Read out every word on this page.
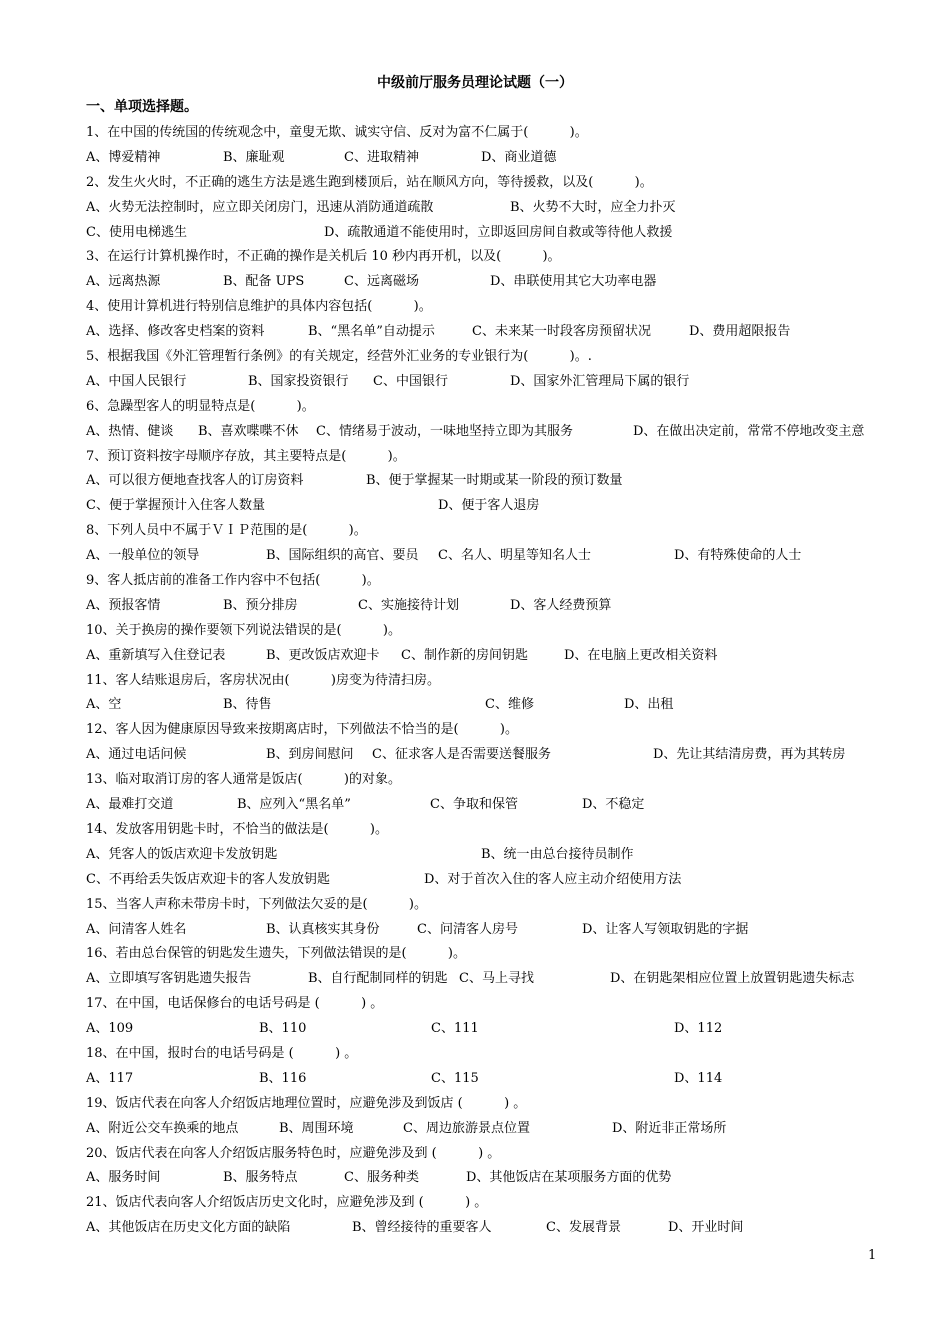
中级前厅服务员理论试题（一）
一、单项选择题。
1、在中国的传统国的传统观念中，童叟无欺、诚实守信、反对为富不仁属于(          )。
A、博爱精神	B、廉耻观	C、进取精神	D、商业道德
2、发生火火时，不正确的逃生方法是逃生跑到楼顶后，站在顺风方向，等待援救，以及(          )。
A、火势无法控制时，应立即关闭房门，迅速从消防通道疏散	B、火势不大时，应全力扑灭
C、使用电梯逃生	D、疏散通道不能使用时，立即返回房间自救或等待他人救援
3、在运行计算机操作时，不正确的操作是关机后 10 秒内再开机，以及(          )。
A、远离热源	B、配备 UPS	C、远离磁场	D、串联使用其它大功率电器
4、使用计算机进行特别信息维护的具体内容包括(          )。
A、选择、修改客史档案的资料	B、“黑名单”自动提示	C、未来某一时段客房预留状况	D、费用超限报告
5、根据我国《外汇管理暂行条例》的有关规定，经营外汇业务的专业银行为(          )。.
A、中国人民银行	B、国家投资银行 C、中国银行	D、国家外汇管理局下属的银行
6、急躁型客人的明显特点是(          )。
A、热情、健谈 B、喜欢喋喋不休 C、情绪易于波动，一味地坚持立即为其服务	D、在做出决定前，常常不停地改变主意
7、预订资料按字母顺序存放，其主要特点是(          )。
A、可以很方便地查找客人的订房资料	B、便于掌握某一时期或某一阶段的预订数量
C、便于掌握预计入住客人数量	D、便于客人退房
8、下列人员中不属于ＶＩＰ范围的是(          )。
A、一般单位的领导	B、国际组织的高官、要员 C、名人、明星等知名人士	D、有特殊使命的人士
9、客人抵店前的准备工作内容中不包括(          )。
A、预报客情	B、预分排房	C、实施接待计划	D、客人经费预算
10、关于换房的操作要领下列说法错误的是(          )。
A、重新填写入住登记表	B、更改饭店欢迎卡 C、制作新的房间钥匙	D、在电脑上更改相关资料
11、客人结账退房后，客房状况由(          )房变为待清扫房。
A、空	B、待售	C、维修	D、出租
12、客人因为健康原因导致来按期离店时，下列做法不恰当的是(          )。
A、通过电话问候	B、到房间慰问 C、征求客人是否需要送餐服务	D、先让其结清房费，再为其转房
13、临对取消订房的客人通常是饭店(          )的对象。
A、最难打交道	B、应列入“黑名单”	C、争取和保管	D、不稳定
14、发放客用钥匙卡时，不恰当的做法是(          )。
A、凭客人的饭店欢迎卡发放钥匙	B、统一由总台接待员制作
C、不再给丢失饭店欢迎卡的客人发放钥匙	D、对于首次入住的客人应主动介绍使用方法
15、当客人声称未带房卡时，下列做法欠妥的是(          )。
A、问清客人姓名	B、认真核实其身份	C、问清客人房号	D、让客人写领取钥匙的字据
16、若由总台保管的钥匙发生遗失，下列做法错误的是(          )。
A、立即填写客钥匙遗失报告	B、自行配制同样的钥匙 C、马上寻找	D、在钥匙架相应位置上放置钥匙遗失标志
17、在中国，电话保修台的电话号码是 (          ) 。
A、109	B、110	C、111	D、112
18、在中国，报时台的电话号码是 (          ) 。
A、117	B、116	C、115	D、114
19、饭店代表在向客人介绍饭店地理位置时，应避免涉及到饭店 (          ) 。
A、附近公交车换乘的地点	B、周围环境	C、周边旅游景点位置	D、附近非正常场所
20、饭店代表在向客人介绍饭店服务特色时，应避免涉及到 (          ) 。
A、服务时间	B、服务特点	C、服务种类	D、其他饭店在某项服务方面的优势
21、饭店代表向客人介绍饭店历史文化时，应避免涉及到 (          ) 。
A、其他饭店在历史文化方面的缺陷	B、曾经接待的重要客人	C、发展背景	D、开业时间
1
